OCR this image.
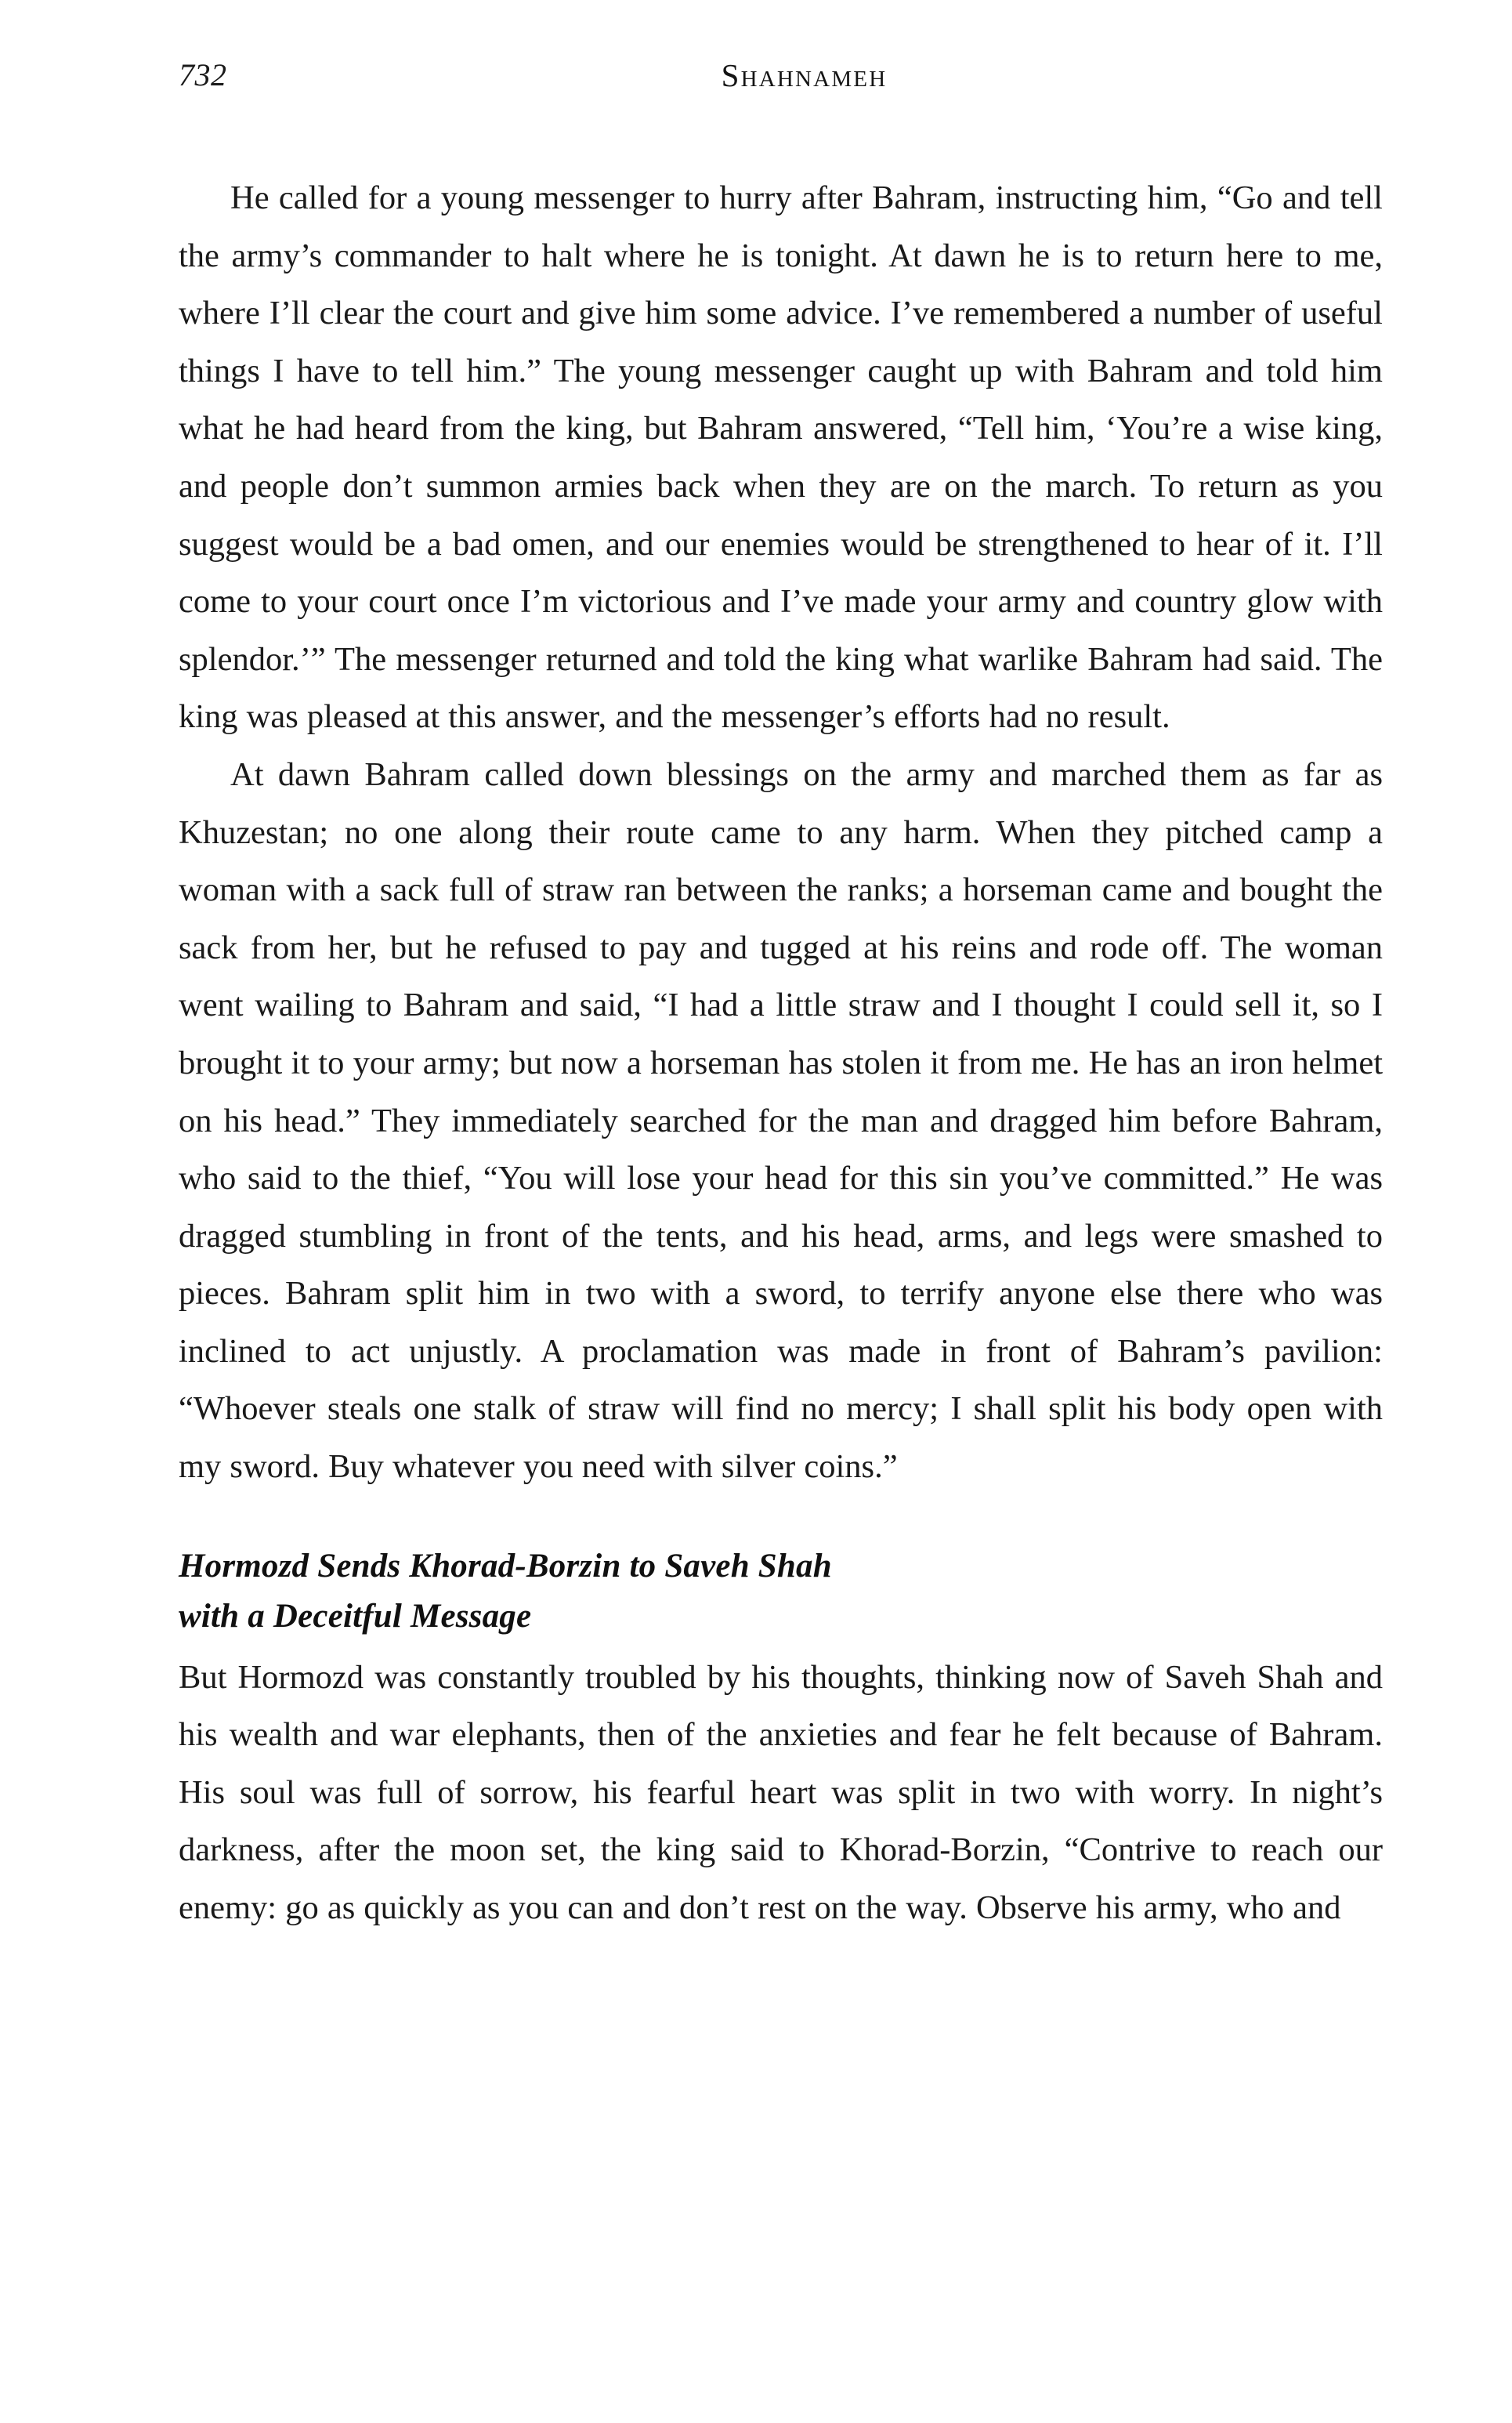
732	Shahnameh

He called for a young messenger to hurry after Bahram, instructing him, “Go and tell the army’s commander to halt where he is tonight. At dawn he is to return here to me, where I’ll clear the court and give him some advice. I’ve remembered a number of useful things I have to tell him.” The young messenger caught up with Bahram and told him what he had heard from the king, but Bahram answered, “Tell him, ‘You’re a wise king, and people don’t summon armies back when they are on the march. To return as you suggest would be a bad omen, and our enemies would be strengthened to hear of it. I’ll come to your court once I’m victorious and I’ve made your army and country glow with splendor.’” The messenger returned and told the king what warlike Bahram had said. The king was pleased at this answer, and the messenger’s efforts had no result.

At dawn Bahram called down blessings on the army and marched them as far as Khuzestan; no one along their route came to any harm. When they pitched camp a woman with a sack full of straw ran between the ranks; a horseman came and bought the sack from her, but he refused to pay and tugged at his reins and rode off. The woman went wailing to Bahram and said, “I had a little straw and I thought I could sell it, so I brought it to your army; but now a horseman has stolen it from me. He has an iron helmet on his head.” They immediately searched for the man and dragged him before Bahram, who said to the thief, “You will lose your head for this sin you’ve committed.” He was dragged stumbling in front of the tents, and his head, arms, and legs were smashed to pieces. Bahram split him in two with a sword, to terrify anyone else there who was inclined to act unjustly. A proclamation was made in front of Bahram’s pavilion: “Whoever steals one stalk of straw will find no mercy; I shall split his body open with my sword. Buy whatever you need with silver coins.”

Hormozd Sends Khorad-Borzin to Saveh Shah
with a Deceitful Message

But Hormozd was constantly troubled by his thoughts, thinking now of Saveh Shah and his wealth and war elephants, then of the anxieties and fear he felt because of Bahram. His soul was full of sorrow, his fearful heart was split in two with worry. In night’s darkness, after the moon set, the king said to Khorad-Borzin, “Contrive to reach our enemy: go as quickly as you can and don’t rest on the way. Observe his army, who and
